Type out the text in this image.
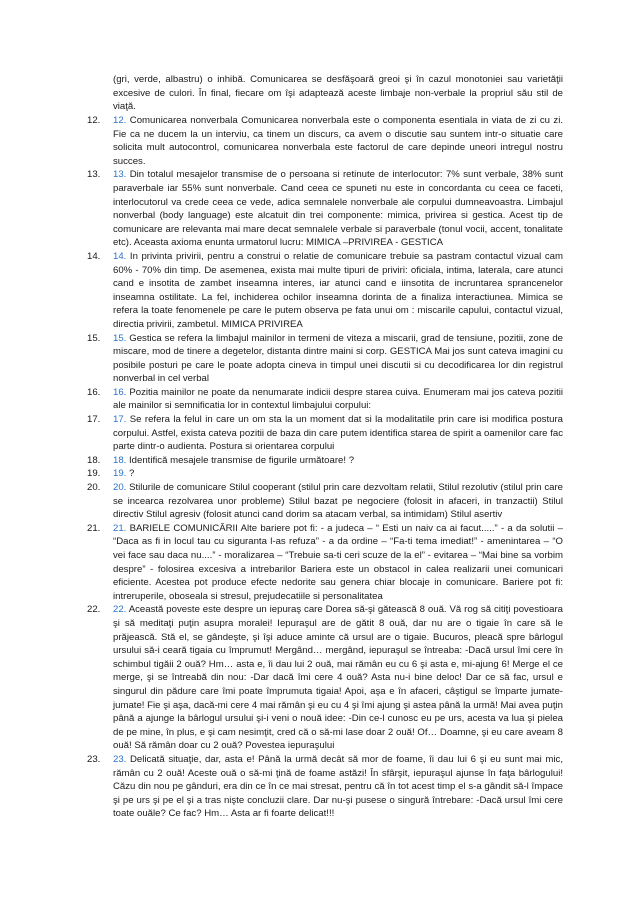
(gri, verde, albastru) o inhibă. Comunicarea se desfăşoară greoi şi în cazul monotoniei sau varietăţii excesive de culori. În final, fiecare om îşi adaptează aceste limbaje non-verbale la propriul său stil de viaţă.
12.	12. Comunicarea nonverbala Comunicarea nonverbala este o componenta esentiala in viata de zi cu zi. Fie ca ne ducem la un interviu, ca tinem un discurs, ca avem o discutie sau suntem intr-o situatie care solicita mult autocontrol, comunicarea nonverbala este factorul de care depinde uneori intregul nostru succes.
13.	13. Din totalul mesajelor transmise de o persoana si retinute de interlocutor: 7% sunt verbale, 38% sunt paraverbale iar 55% sunt nonverbale. Cand ceea ce spuneti nu este in concordanta cu ceea ce faceti, interlocutorul va crede ceea ce vede, adica semnalele nonverbale ale corpului dumneavoastra. Limbajul nonverbal (body language) este alcatuit din trei componente: mimica, privirea si gestica. Acest tip de comunicare are relevanta mai mare decat semnalele verbale si paraverbale (tonul vocii, accent, tonalitate etc). Aceasta axioma enunta urmatorul lucru: MIMICA –PRIVIREA - GESTICA
14.	14. In privinta privirii, pentru a construi o relatie de comunicare trebuie sa pastram contactul vizual cam 60% - 70% din timp. De asemenea, exista mai multe tipuri de priviri: oficiala, intima, laterala, care atunci cand e insotita de zambet inseamna interes, iar atunci cand e iinsotita de incruntarea sprancenelor inseamna ostilitate. La fel, inchiderea ochilor inseamna dorinta de a finaliza interactiunea. Mimica se refera la toate fenomenele pe care le putem observa pe fata unui om : miscarile capului, contactul vizual, directia privirii, zambetul. MIMICA PRIVIREA
15.	15. Gestica se refera la limbajul mainilor in termeni de viteza a miscarii, grad de tensiune, pozitii, zone de miscare, mod de tinere a degetelor, distanta dintre maini si corp. GESTICA Mai jos sunt cateva imagini cu posibile posturi pe care le poate adopta cineva in timpul unei discutii si cu decodificarea lor din registrul nonverbal in cel verbal
16.	16. Pozitia mainilor ne poate da nenumarate indicii despre starea cuiva. Enumeram mai jos cateva pozitii ale mainilor si semnificatia lor in contextul limbajului corpului:
17.	17. Se refera la felul in care un om sta la un moment dat si la modalitatile prin care isi modifica postura corpului. Astfel, exista cateva pozitii de baza din care putem identifica starea de spirit a oamenilor care fac parte dintr-o audienta. Postura si orientarea corpului
18.	18. Identifică mesajele transmise de figurile următoare! ?
19.	19. ?
20.	20. Stilurile de comunicare Stilul cooperant (stilul prin care dezvoltam relatii, Stilul rezolutiv (stilul prin care se incearca rezolvarea unor probleme) Stilul bazat pe negociere (folosit in afaceri, in tranzactii) Stilul directiv Stilul agresiv (folosit atunci cand dorim sa atacam verbal, sa intimidam) Stilul asertiv
21.	21. BARIELE COMUNICĂRII Alte bariere pot fi: - a judeca – “ Esti un naiv ca ai facut.....” - a da solutii – “Daca as fi in locul tau cu siguranta l-as refuza” - a da ordine – “Fa-ti tema imediat!” - amenintarea – “O vei face sau daca nu....” - moralizarea – “Trebuie sa-ti ceri scuze de la el” - evitarea – “Mai bine sa vorbim despre” - folosirea excesiva a intrebarilor Bariera este un obstacol in calea realizarii unei comunicari eficiente. Acestea pot produce efecte nedorite sau genera chiar blocaje in comunicare. Bariere pot fi: intreruperile, oboseala si stresul, prejudecatiile si personalitatea
22.	22. Această poveste este despre un iepuraş care Dorea să-şi gătească 8 ouă. Vă rog să citiţi povestioara şi să meditaţi puţin asupra moralei! Iepuraşul are de gătit 8 ouă, dar nu are o tigaie în care să le prăjească. Stă el, se gândeşte, şi îşi aduce aminte că ursul are o tigaie. Bucuros, pleacă spre bârlogul ursului să-i ceară tigaia cu împrumut! Mergând… mergând, iepuraşul se întreaba: -Dacă ursul îmi cere în schimbul tigăii 2 ouă? Hm… asta e, îi dau lui 2 ouă, mai rămân eu cu 6 şi asta e, mi-ajung 6! Merge el ce merge, şi se întreabă din nou: -Dar dacă îmi cere 4 ouă? Asta nu-i bine deloc! Dar ce să fac, ursul e singurul din pădure care îmi poate împrumuta tigaia! Apoi, aşa e în afaceri, câştigul se împarte jumate-jumate! Fie şi aşa, dacă-mi cere 4 mai rămân şi eu cu 4 şi îmi ajung şi astea până la urmă! Mai avea puţin până a ajunge la bârlogul ursului şi-i veni o nouă idee: -Din ce-l cunosc eu pe urs, acesta va lua şi pielea de pe mine, în plus, e şi cam nesimţit, cred că o să-mi lase doar 2 ouă! Of… Doamne, şi eu care aveam 8 ouă! Să rămân doar cu 2 ouă? Povestea iepuraşului
23.	23. Delicată situaţie, dar, asta e! Până la urmă decât să mor de foame, îi dau lui 6 şi eu sunt mai mic, rămân cu 2 ouă! Aceste ouă o să-mi ţină de foame astăzi! În sfârşit, iepuraşul ajunse în faţa bârlogului! Căzu din nou pe gânduri, era din ce în ce mai stresat, pentru că în tot acest timp el s-a gândit să-l împace şi pe urs şi pe el şi a tras nişte concluzii clare. Dar nu-şi pusese o singură întrebare: -Dacă ursul îmi cere toate ouăle? Ce fac? Hm… Asta ar fi foarte delicat!!!
